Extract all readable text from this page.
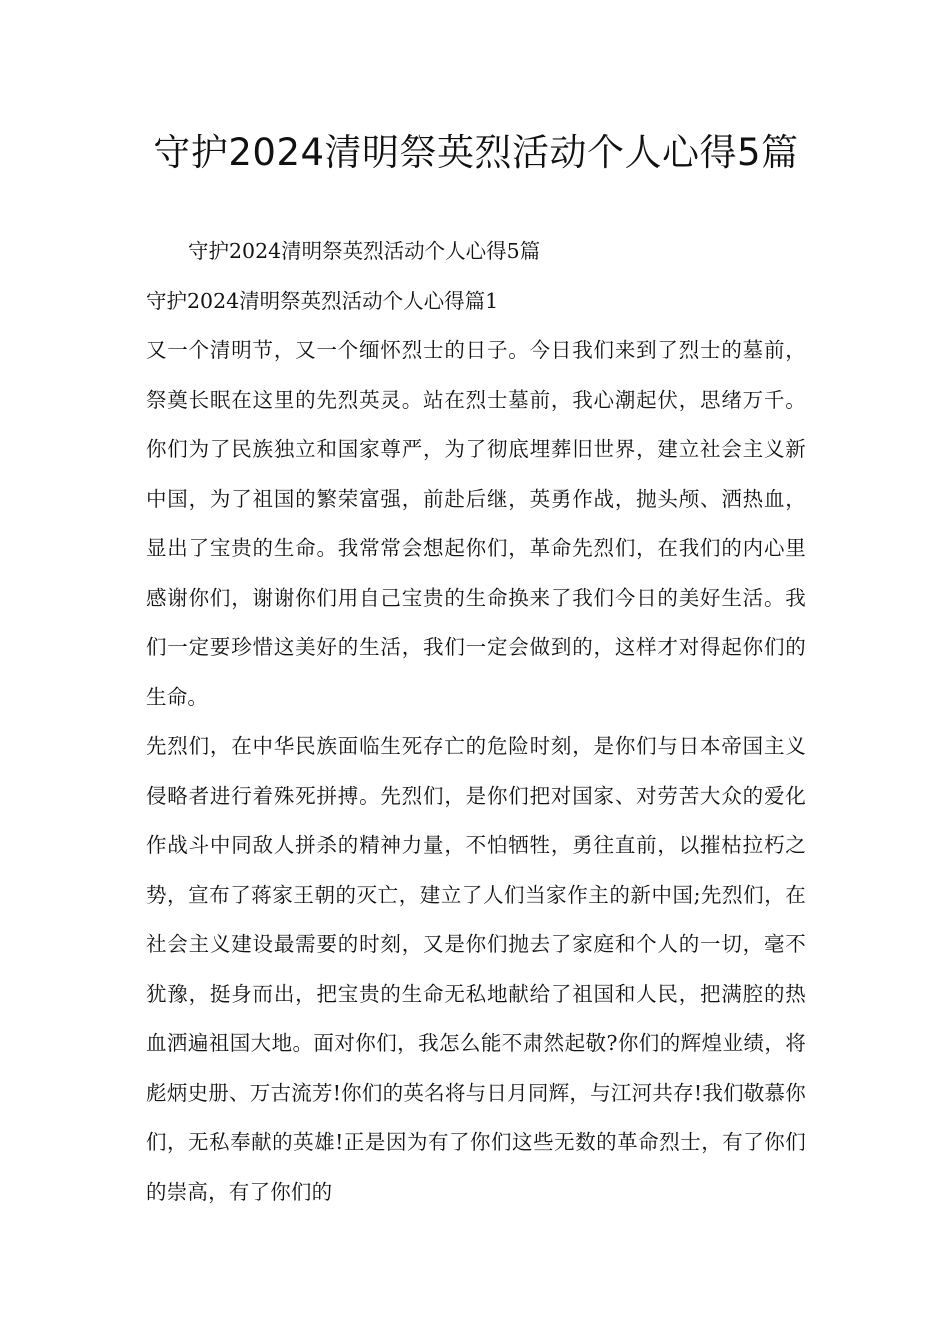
守护2024清明祭英烈活动个人心得5篇

守护2024清明祭英烈活动个人心得5篇

守护2024清明祭英烈活动个人心得篇1

又一个清明节，又一个缅怀烈士的日子。今日我们来到了烈士的墓前，祭奠长眠在这里的先烈英灵。站在烈士墓前，我心潮起伏，思绪万千。你们为了民族独立和国家尊严，为了彻底埋葬旧世界，建立社会主义新中国，为了祖国的繁荣富强，前赴后继，英勇作战，抛头颅、洒热血，显出了宝贵的生命。我常常会想起你们，革命先烈们，在我们的内心里感谢你们，谢谢你们用自己宝贵的生命换来了我们今日的美好生活。我们一定要珍惜这美好的生活，我们一定会做到的，这样才对得起你们的生命。

先烈们，在中华民族面临生死存亡的危险时刻，是你们与日本帝国主义侵略者进行着殊死拼搏。先烈们，是你们把对国家、对劳苦大众的爱化作战斗中同敌人拼杀的精神力量，不怕牺牲，勇往直前，以摧枯拉朽之势，宣布了蒋家王朝的灭亡，建立了人们当家作主的新中国;先烈们，在社会主义建设最需要的时刻，又是你们抛去了家庭和个人的一切，毫不犹豫，挺身而出，把宝贵的生命无私地献给了祖国和人民，把满腔的热血洒遍祖国大地。面对你们，我怎么能不肃然起敬?你们的辉煌业绩，将彪炳史册、万古流芳!你们的英名将与日月同辉，与江河共存!我们敬慕你们，无私奉献的英雄!正是因为有了你们这些无数的革命烈士，有了你们的崇高，有了你们的
